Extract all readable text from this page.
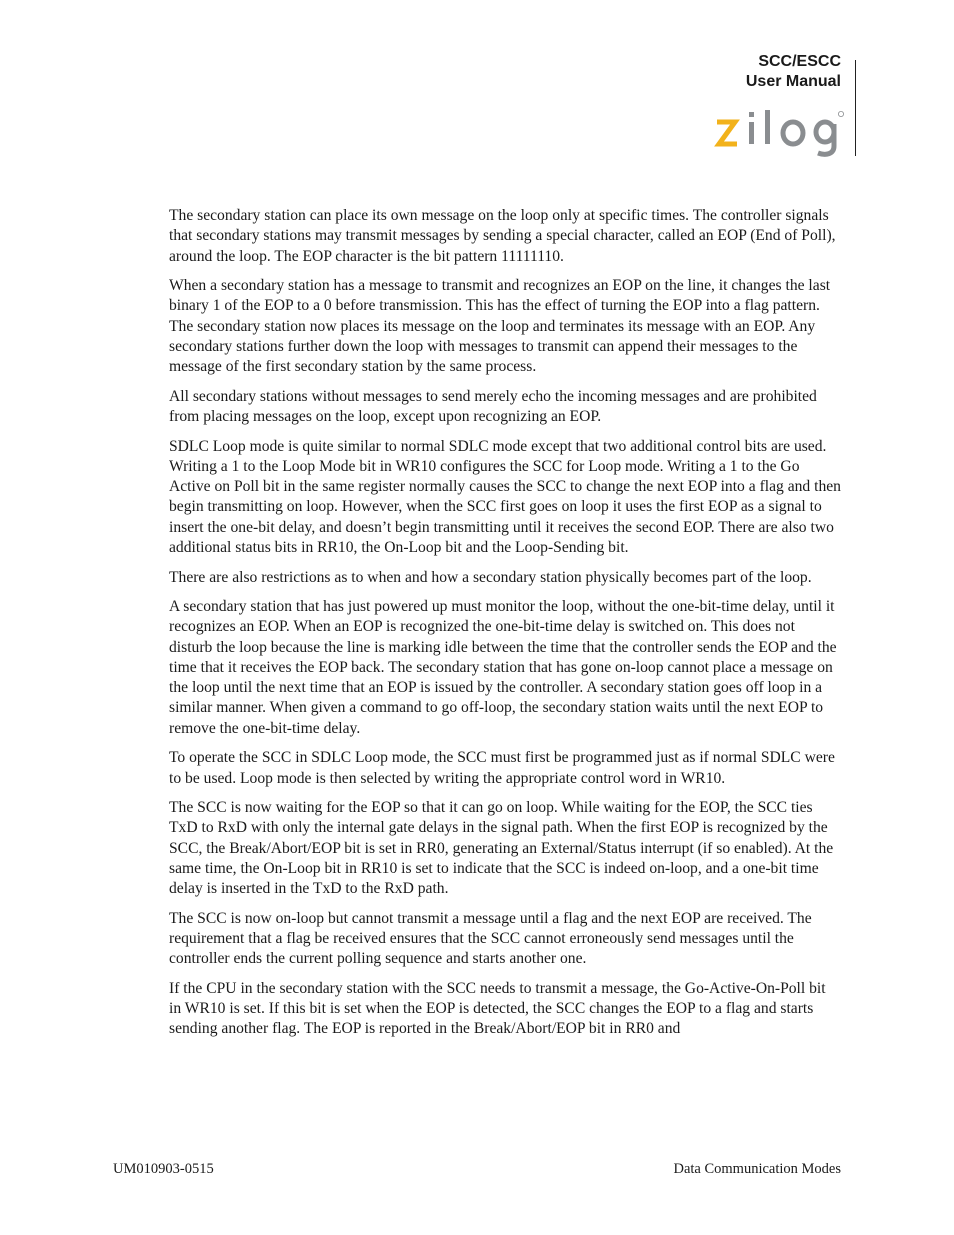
SCC/ESCC
User Manual

The secondary station can place its own message on the loop only at specific times. The controller signals that secondary stations may transmit messages by sending a special character, called an EOP (End of Poll), around the loop. The EOP character is the bit pattern 11111110.

When a secondary station has a message to transmit and recognizes an EOP on the line, it changes the last binary 1 of the EOP to a 0 before transmission. This has the effect of turning the EOP into a flag pattern. The secondary station now places its message on the loop and terminates its message with an EOP. Any secondary stations further down the loop with messages to transmit can append their messages to the message of the first secondary station by the same process.

All secondary stations without messages to send merely echo the incoming messages and are prohibited from placing messages on the loop, except upon recognizing an EOP.

SDLC Loop mode is quite similar to normal SDLC mode except that two additional control bits are used. Writing a 1 to the Loop Mode bit in WR10 configures the SCC for Loop mode. Writing a 1 to the Go Active on Poll bit in the same register normally causes the SCC to change the next EOP into a flag and then begin transmitting on loop. However, when the SCC first goes on loop it uses the first EOP as a signal to insert the one-bit delay, and doesn’t begin transmitting until it receives the second EOP. There are also two additional status bits in RR10, the On-Loop bit and the Loop-Sending bit.

There are also restrictions as to when and how a secondary station physically becomes part of the loop.

A secondary station that has just powered up must monitor the loop, without the one-bit-time delay, until it recognizes an EOP. When an EOP is recognized the one-bit-time delay is switched on. This does not disturb the loop because the line is marking idle between the time that the controller sends the EOP and the time that it receives the EOP back. The secondary station that has gone on-loop cannot place a message on the loop until the next time that an EOP is issued by the controller. A secondary station goes off loop in a similar manner. When given a command to go off-loop, the secondary station waits until the next EOP to remove the one-bit-time delay.

To operate the SCC in SDLC Loop mode, the SCC must first be programmed just as if normal SDLC were to be used. Loop mode is then selected by writing the appropriate control word in WR10.

The SCC is now waiting for the EOP so that it can go on loop. While waiting for the EOP, the SCC ties TxD to RxD with only the internal gate delays in the signal path. When the first EOP is recognized by the SCC, the Break/Abort/EOP bit is set in RR0, generating an External/Status interrupt (if so enabled). At the same time, the On-Loop bit in RR10 is set to indicate that the SCC is indeed on-loop, and a one-bit time delay is inserted in the TxD to the RxD path.

The SCC is now on-loop but cannot transmit a message until a flag and the next EOP are received. The requirement that a flag be received ensures that the SCC cannot erroneously send messages until the controller ends the current polling sequence and starts another one.

If the CPU in the secondary station with the SCC needs to transmit a message, the Go-Active-On-Poll bit in WR10 is set. If this bit is set when the EOP is detected, the SCC changes the EOP to a flag and starts sending another flag. The EOP is reported in the Break/Abort/EOP bit in RR0 and

UM010903-0515	Data Communication Modes
